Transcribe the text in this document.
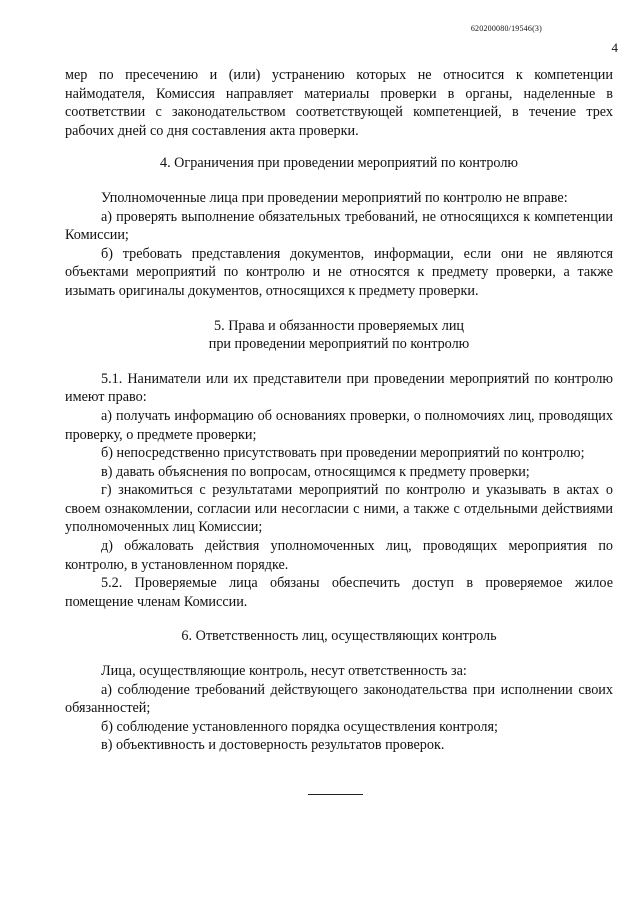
620200080/19546(3)
4

мер по пресечению и (или) устранению которых не относится к компетенции наймодателя, Комиссия направляет материалы проверки в органы, наделенные в соответствии с законодательством соответствующей компетенцией, в течение трех рабочих дней со дня составления акта проверки.

4. Ограничения при проведении мероприятий по контролю

Уполномоченные лица при проведении мероприятий по контролю не вправе:

а) проверять выполнение обязательных требований, не относящихся к компетенции Комиссии;

б) требовать представления документов, информации, если они не являются объектами мероприятий по контролю и не относятся к предмету проверки, а также изымать оригиналы документов, относящихся к предмету проверки.

5. Права и обязанности проверяемых лиц
при проведении мероприятий по контролю

5.1. Наниматели или их представители при проведении мероприятий по контролю имеют право:

а) получать информацию об основаниях проверки, о полномочиях лиц, проводящих проверку, о предмете проверки;

б) непосредственно присутствовать при проведении мероприятий по контролю;

в) давать объяснения по вопросам, относящимся к предмету проверки;

г) знакомиться с результатами мероприятий по контролю и указывать в актах о своем ознакомлении, согласии или несогласии с ними, а также с отдельными действиями уполномоченных лиц Комиссии;

д) обжаловать действия уполномоченных лиц, проводящих мероприятия по контролю, в установленном порядке.

5.2. Проверяемые лица обязаны обеспечить доступ в проверяемое жилое помещение членам Комиссии.

6. Ответственность лиц, осуществляющих контроль

Лица, осуществляющие контроль, несут ответственность за:

а) соблюдение требований действующего законодательства при исполнении своих обязанностей;

б) соблюдение установленного порядка осуществления контроля;

в) объективность и достоверность результатов проверок.
